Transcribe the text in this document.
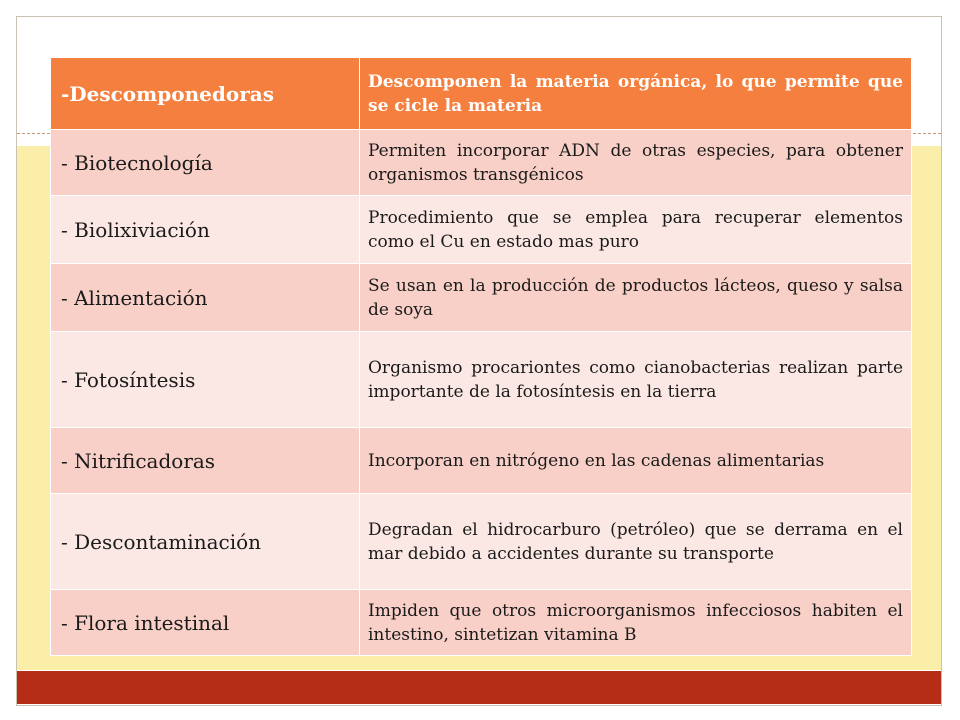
-Descomponedoras	Descomponen la materia orgánica, lo que permite que se cicle la materia
- Biotecnología	Permiten incorporar ADN de otras especies, para obtener organismos transgénicos
- Biolixiviación	Procedimiento que se emplea para recuperar elementos como el Cu en estado mas puro
- Alimentación	Se usan en la producción de productos lácteos, queso y salsa de soya
- Fotosíntesis	Organismo procariontes como cianobacterias realizan parte importante de la fotosíntesis en la tierra
- Nitrificadoras	Incorporan en nitrógeno en las cadenas alimentarias
- Descontaminación	Degradan el hidrocarburo (petróleo) que se derrama en el mar debido a accidentes durante su transporte
- Flora intestinal	Impiden que otros microorganismos infecciosos habiten el intestino, sintetizan vitamina B
